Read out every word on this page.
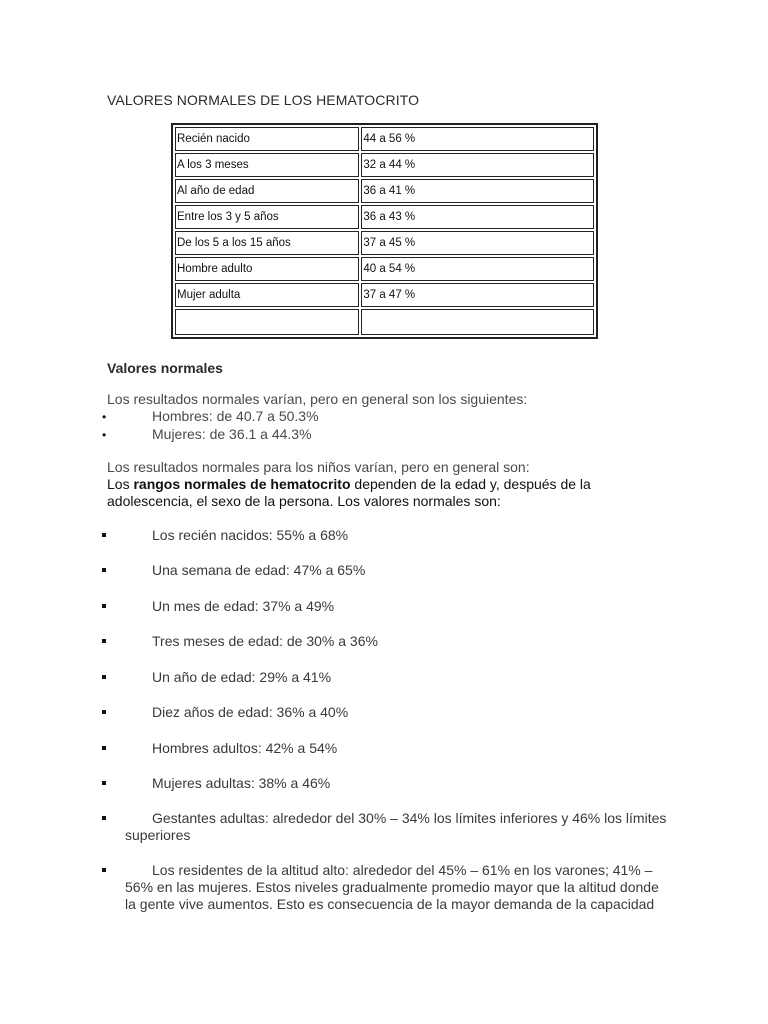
VALORES NORMALES DE LOS HEMATOCRITO
Recién nacido	44 a 56 %
A los 3 meses	32 a 44 %
Al año de edad	36 a 41 %
Entre los 3 y 5 años	36 a 43 %
De los 5 a los 15 años	37 a 45 %
Hombre adulto	40 a 54 %
Mujer adulta	37 a 47 %

Valores normales
Los resultados normales varían, pero en general son los siguientes:
•	Hombres: de 40.7 a 50.3%
•	Mujeres: de 36.1 a 44.3%
Los resultados normales para los niños varían, pero en general son:
Los rangos normales de hematocrito dependen de la edad y, después de la
adolescencia, el sexo de la persona. Los valores normales son:
Los recién nacidos: 55% a 68%
Una semana de edad: 47% a 65%
Un mes de edad: 37% a 49%
Tres meses de edad: de 30% a 36%
Un año de edad: 29% a 41%
Diez años de edad: 36% a 40%
Hombres adultos: 42% a 54%
Mujeres adultas: 38% a 46%
Gestantes adultas: alrededor del 30% – 34% los límites inferiores y 46% los límites
superiores
Los residentes de la altitud alto: alrededor del 45% – 61% en los varones; 41% –
56% en las mujeres. Estos niveles gradualmente promedio mayor que la altitud donde
la gente vive aumentos. Esto es consecuencia de la mayor demanda de la capacidad
